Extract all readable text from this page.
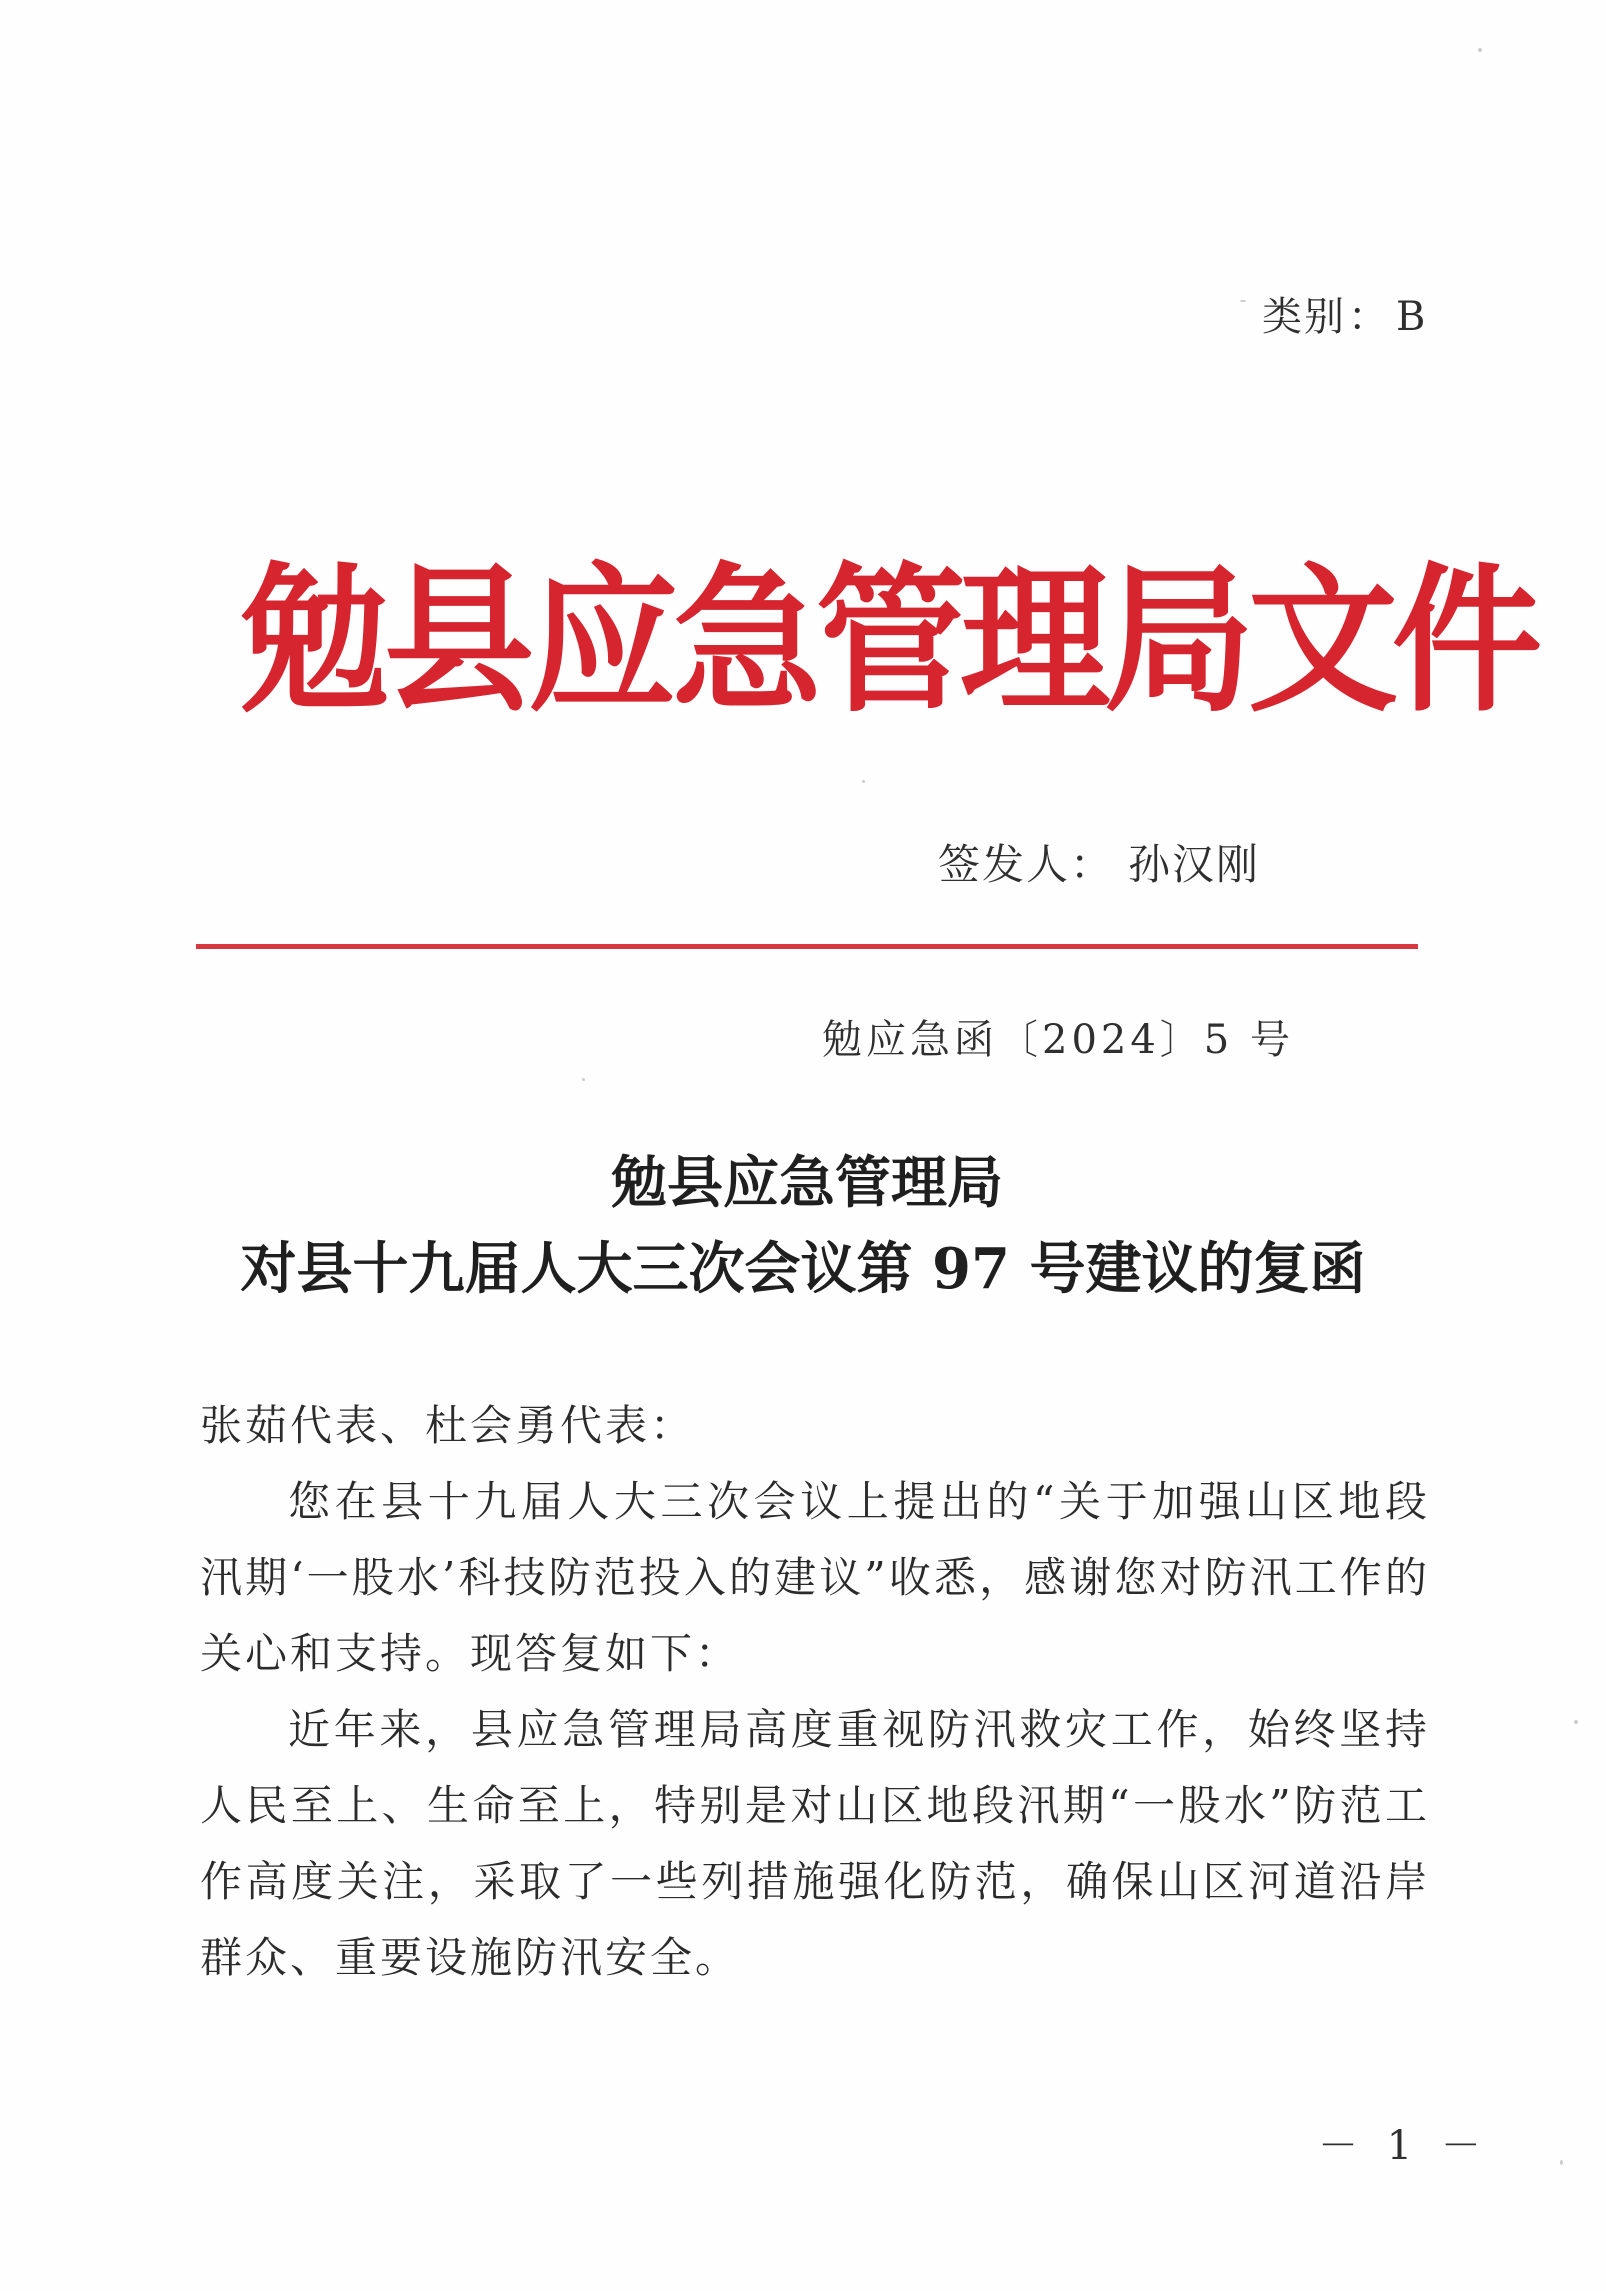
类别： B
勉县应急管理局文件
签发人： 孙汉刚
勉应急函〔2024〕5 号
勉县应急管理局
对县十九届人大三次会议第 97 号建议的复函

张茹代表、杜会勇代表：

您在县十九届人大三次会议上提出的“关于加强山区地段汛期‘一股水’科技防范投入的建议”收悉，感谢您对防汛工作的关心和支持。现答复如下：

近年来，县应急管理局高度重视防汛救灾工作，始终坚持人民至上、生命至上，特别是对山区地段汛期“一股水”防范工作高度关注，采取了一些列措施强化防范，确保山区河道沿岸群众、重要设施防汛安全。

－ 1 －
